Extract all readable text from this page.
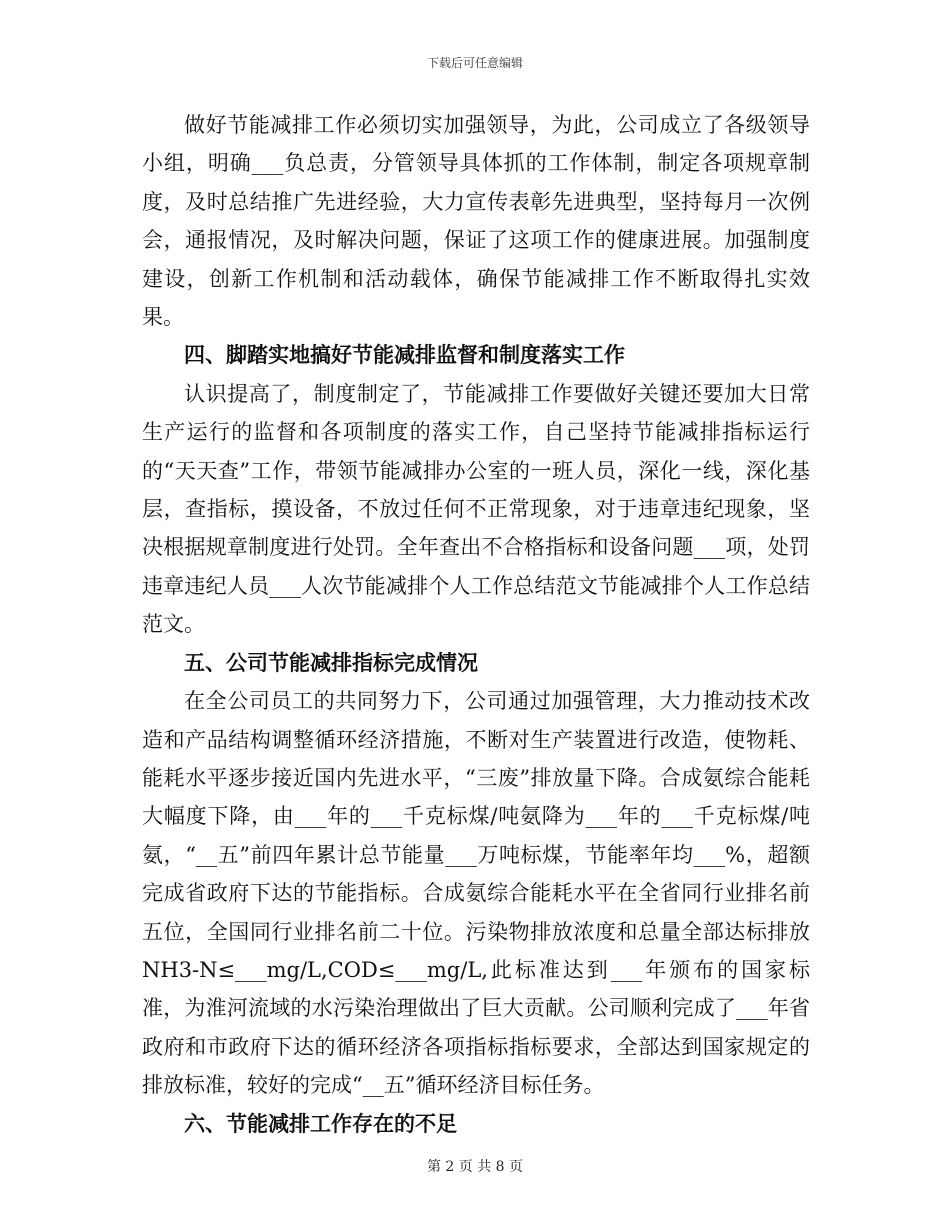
下载后可任意编辑

做好节能减排工作必须切实加强领导，为此，公司成立了各级领导小组，明确___负总责，分管领导具体抓的工作体制，制定各项规章制度，及时总结推广先进经验，大力宣传表彰先进典型，坚持每月一次例会，通报情况，及时解决问题，保证了这项工作的健康进展。加强制度建设，创新工作机制和活动载体，确保节能减排工作不断取得扎实效果。

四、脚踏实地搞好节能减排监督和制度落实工作

认识提高了，制度制定了，节能减排工作要做好关键还要加大日常生产运行的监督和各项制度的落实工作，自己坚持节能减排指标运行的“天天查”工作，带领节能减排办公室的一班人员，深化一线，深化基层，查指标，摸设备，不放过任何不正常现象，对于违章违纪现象，坚决根据规章制度进行处罚。全年查出不合格指标和设备问题___项，处罚违章违纪人员___人次节能减排个人工作总结范文节能减排个人工作总结范文。

五、公司节能减排指标完成情况

在全公司员工的共同努力下，公司通过加强管理，大力推动技术改造和产品结构调整循环经济措施，不断对生产装置进行改造，使物耗、能耗水平逐步接近国内先进水平，“三废”排放量下降。合成氨综合能耗大幅度下降，由___年的___千克标煤/吨氨降为___年的___千克标煤/吨氨，“__五”前四年累计总节能量___万吨标煤，节能率年均___%，超额完成省政府下达的节能指标。合成氨综合能耗水平在全省同行业排名前五位，全国同行业排名前二十位。污染物排放浓度和总量全部达标排放NH3-N≤___mg/L,COD≤___mg/L,此标准达到___年颁布的国家标准，为淮河流域的水污染治理做出了巨大贡献。公司顺利完成了___年省政府和市政府下达的循环经济各项指标指标要求，全部达到国家规定的排放标准，较好的完成“__五”循环经济目标任务。

六、节能减排工作存在的不足
第 2 页 共 8 页
